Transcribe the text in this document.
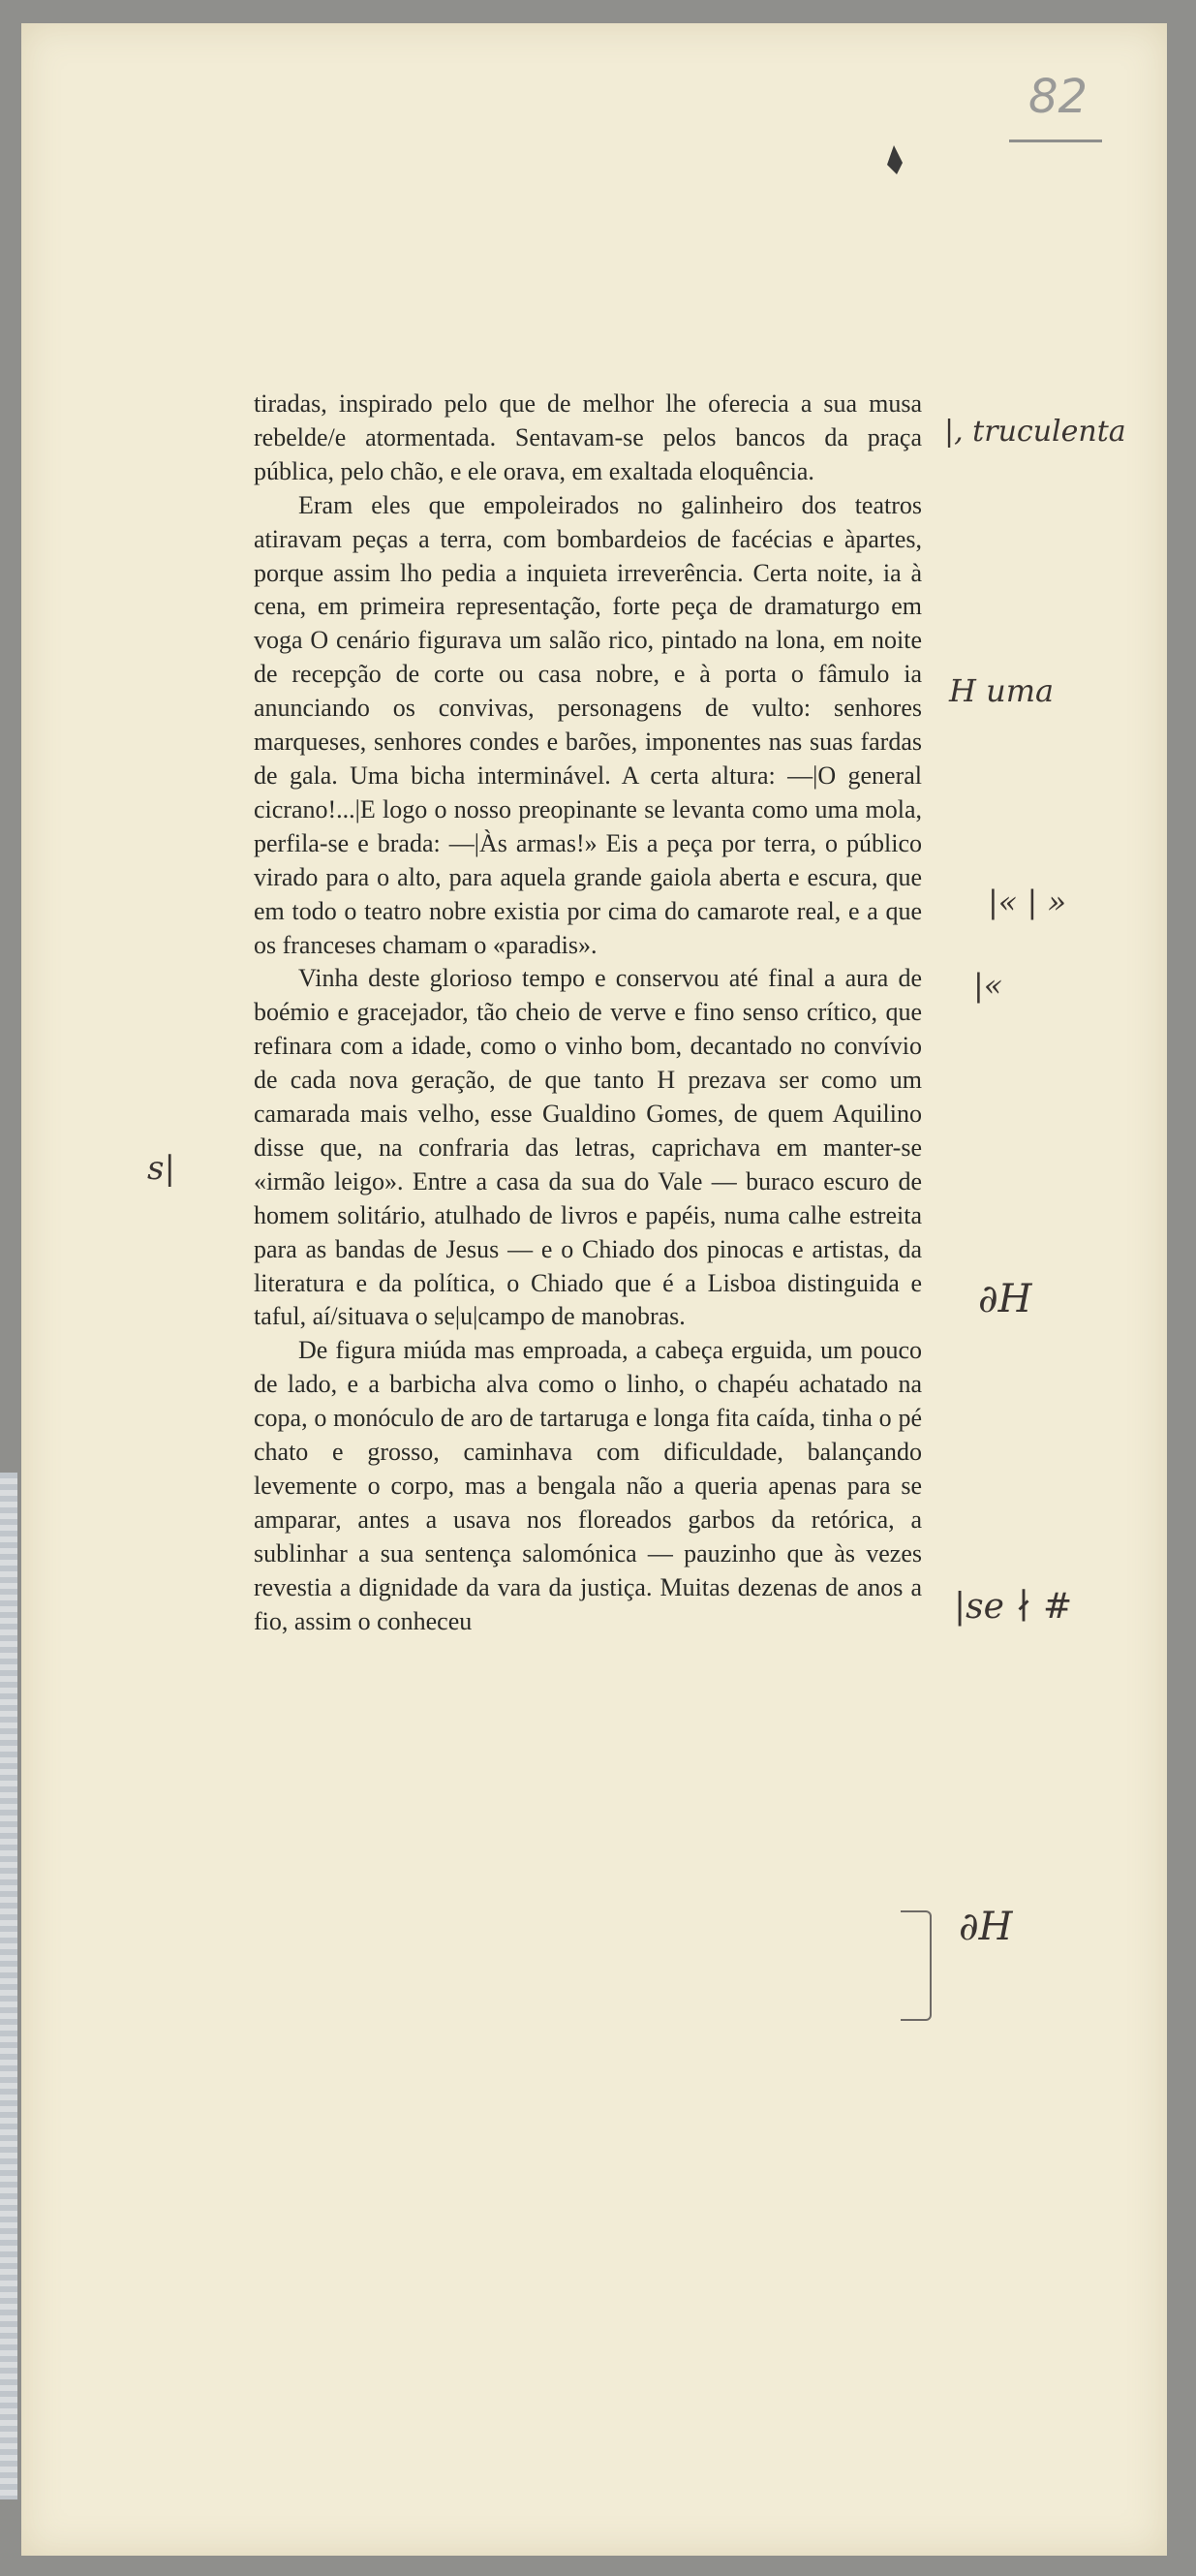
82

tiradas, inspirado pelo que de melhor lhe oferecia a sua musa rebelde/e atormentada. Sentavam-se pelos bancos da praça pública, pelo chão, e ele orava, em exaltada eloquência.

Eram eles que empoleirados no galinheiro dos teatros atiravam peças a terra, com bombardeios de facécias e àpartes, porque assim lho pedia a inquieta irreverência. Certa noite, ia à cena, em primeira representação, forte peça de dramaturgo em voga O cenário figurava um salão rico, pintado na lona, em noite de recepção de corte ou casa nobre, e à porta o fâmulo ia anunciando os convivas, personagens de vulto: senhores marqueses, senhores condes e barões, imponentes nas suas fardas de gala. Uma bicha interminável. A certa altura: —|O general cicrano!...|E logo o nosso preopinante se levanta como uma mola, perfila-se e brada: —|Às armas!» Eis a peça por terra, o público virado para o alto, para aquela grande gaiola aberta e escura, que em todo o teatro nobre existia por cima do camarote real, e a que os franceses chamam o «paradis».

Vinha deste glorioso tempo e conservou até final a aura de boémio e gracejador, tão cheio de verve e fino senso crítico, que refinara com a idade, como o vinho bom, decantado no convívio de cada nova geração, de que tanto H prezava ser como um camarada mais velho, esse Gualdino Gomes, de quem Aquilino disse que, na confraria das letras, caprichava em manter-se «irmão leigo». Entre a casa da sua do Vale — buraco escuro de homem solitário, atulhado de livros e papéis, numa calhe estreita para as bandas de Jesus — e o Chiado dos pinocas e artistas, da literatura e da política, o Chiado que é a Lisboa distinguida e taful, aí/situava o se|u|campo de manobras.

De figura miúda mas emproada, a cabeça erguida, um pouco de lado, e a barbicha alva como o linho, o chapéu achatado na copa, o monóculo de aro de tartaruga e longa fita caída, tinha o pé chato e grosso, caminhava com dificuldade, balançando levemente o corpo, mas a bengala não a queria apenas para se amparar, antes a usava nos floreados garbos da retórica, a sublinhar a sua sentença salomónica — pauzinho que às vezes revestia a dignidade da vara da justiça. Muitas dezenas de anos a fio, assim o conheceu

|, truculenta
H uma
|« | »
|«
s|
∂H
|se ∤ #
∂H
